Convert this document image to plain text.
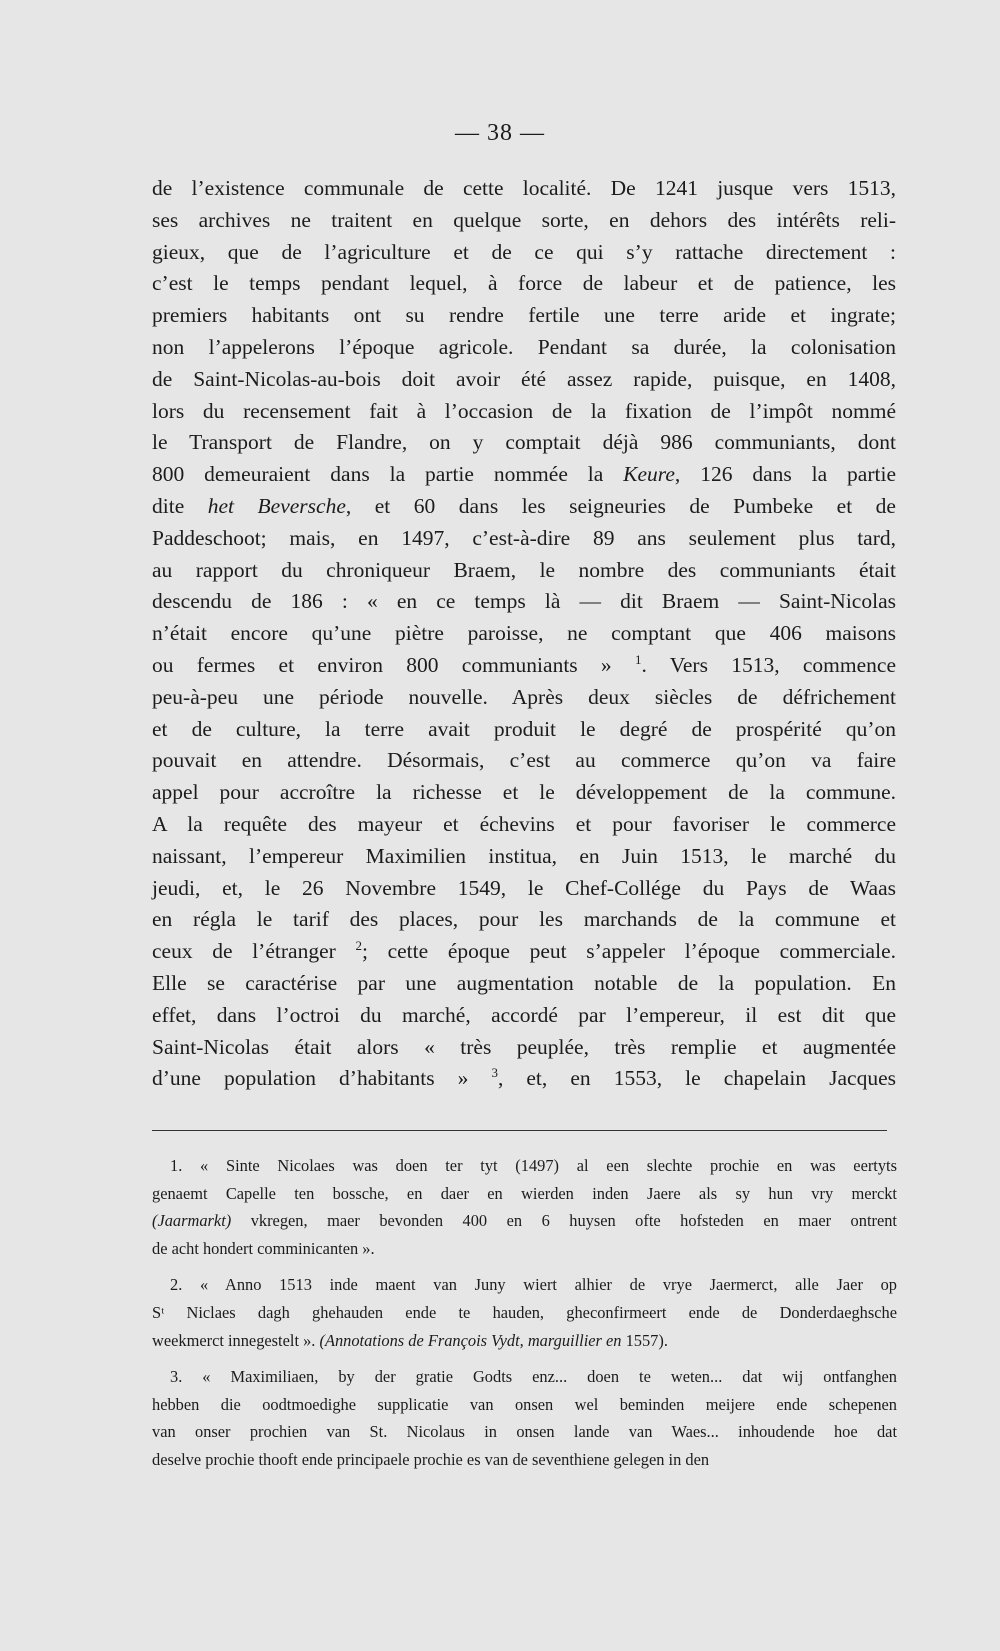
— 38 —
de l’existence communale de cette localité. De 1241 jusque vers 1513,
ses archives ne traitent en quelque sorte, en dehors des intérêts reli-
gieux, que de l’agriculture et de ce qui s’y rattache directement :
c’est le temps pendant lequel, à force de labeur et de patience, les
premiers habitants ont su rendre fertile une terre aride et ingrate;
non l’appelerons l’époque agricole. Pendant sa durée, la colonisation
de Saint-Nicolas-au-bois doit avoir été assez rapide, puisque, en 1408,
lors du recensement fait à l’occasion de la fixation de l’impôt nommé
le Transport de Flandre, on y comptait déjà 986 communiants, dont
800 demeuraient dans la partie nommée la Keure, 126 dans la partie
dite het Beversche, et 60 dans les seigneuries de Pumbeke et de
Paddeschoot; mais, en 1497, c’est-à-dire 89 ans seulement plus tard,
au rapport du chroniqueur Braem, le nombre des communiants était
descendu de 186 : « en ce temps là — dit Braem — Saint-Nicolas
n’était encore qu’une piètre paroisse, ne comptant que 406 maisons
ou fermes et environ 800 communiants » $^1$. Vers 1513, commence
peu-à-peu une période nouvelle. Après deux siècles de défrichement
et de culture, la terre avait produit le degré de prospérité qu’on
pouvait en attendre. Désormais, c’est au commerce qu’on va faire
appel pour accroître la richesse et le développement de la commune.
A la requête des mayeur et échevins et pour favoriser le commerce
naissant, l’empereur Maximilien institua, en Juin 1513, le marché du
jeudi, et, le 26 Novembre 1549, le Chef-Collége du Pays de Waas
en régla le tarif des places, pour les marchands de la commune et
ceux de l’étranger $^2$; cette époque peut s’appeler l’époque commerciale.
Elle se caractérise par une augmentation notable de la population. En
effet, dans l’octroi du marché, accordé par l’empereur, il est dit que
Saint-Nicolas était alors « très peuplée, très remplie et augmentée
d’une population d’habitants » $^3$, et, en 1553, le chapelain Jacques
1. « Sinte Nicolaes was doen ter tyt (1497) al een slechte prochie en was eertyts
genaemt Capelle ten bossche, en daer en wierden inden Jaere als sy hun vry merckt
(Jaarmarkt) vkregen, maer bevonden 400 en 6 huysen ofte hofsteden en maer ontrent
de acht hondert comminicanten ».
2. « Anno 1513 inde maent van Juny wiert alhier de vrye Jaermerct, alle Jaer op
Sᵗ Niclaes dagh ghehauden ende te hauden, gheconfirmeert ende de Donderdaeghsche
weekmerct innegestelt ». (Annotations de François Vydt, marguillier en 1557).
3. « Maximiliaen, by der gratie Godts enz... doen te weten... dat wij ontfanghen
hebben die oodtmoedighe supplicatie van onsen wel beminden meijere ende schepenen
van onser prochien van St. Nicolaus in onsen lande van Waes... inhoudende hoe dat
deselve prochie thooft ende principaele prochie es van de seventhiene gelegen in den
